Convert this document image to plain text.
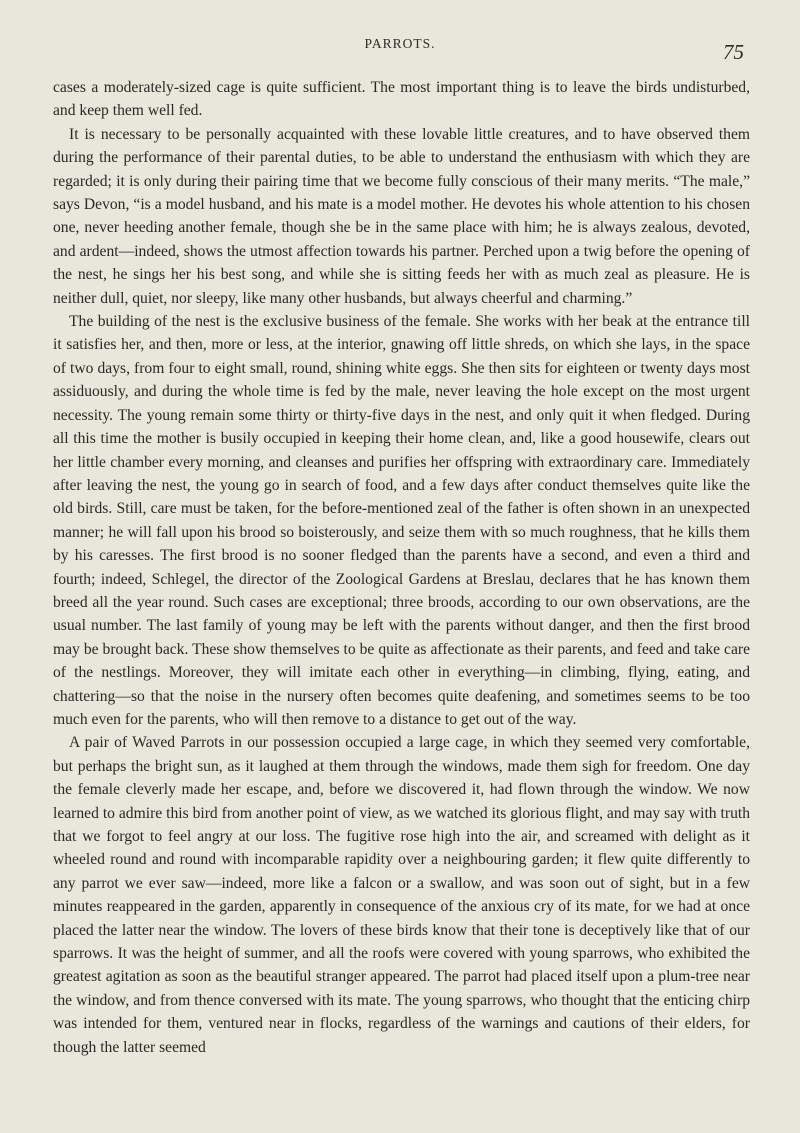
PARROTS.	75

cases a moderately-sized cage is quite sufficient. The most important thing is to leave the birds undisturbed, and keep them well fed.

It is necessary to be personally acquainted with these lovable little creatures, and to have observed them during the performance of their parental duties, to be able to understand the enthusiasm with which they are regarded; it is only during their pairing time that we become fully conscious of their many merits. “The male,” says Devon, “is a model husband, and his mate is a model mother. He devotes his whole attention to his chosen one, never heeding another female, though she be in the same place with him; he is always zealous, devoted, and ardent—indeed, shows the utmost affection towards his partner. Perched upon a twig before the opening of the nest, he sings her his best song, and while she is sitting feeds her with as much zeal as pleasure. He is neither dull, quiet, nor sleepy, like many other husbands, but always cheerful and charming.”

The building of the nest is the exclusive business of the female. She works with her beak at the entrance till it satisfies her, and then, more or less, at the interior, gnawing off little shreds, on which she lays, in the space of two days, from four to eight small, round, shining white eggs. She then sits for eighteen or twenty days most assiduously, and during the whole time is fed by the male, never leaving the hole except on the most urgent necessity. The young remain some thirty or thirty-five days in the nest, and only quit it when fledged. During all this time the mother is busily occupied in keeping their home clean, and, like a good housewife, clears out her little chamber every morning, and cleanses and purifies her offspring with extraordinary care. Immediately after leaving the nest, the young go in search of food, and a few days after conduct themselves quite like the old birds. Still, care must be taken, for the before-mentioned zeal of the father is often shown in an unexpected manner; he will fall upon his brood so boisterously, and seize them with so much roughness, that he kills them by his caresses. The first brood is no sooner fledged than the parents have a second, and even a third and fourth; indeed, Schlegel, the director of the Zoological Gardens at Breslau, declares that he has known them breed all the year round. Such cases are exceptional; three broods, according to our own observations, are the usual number. The last family of young may be left with the parents without danger, and then the first brood may be brought back. These show themselves to be quite as affectionate as their parents, and feed and take care of the nestlings. Moreover, they will imitate each other in everything—in climbing, flying, eating, and chattering—so that the noise in the nursery often becomes quite deafening, and sometimes seems to be too much even for the parents, who will then remove to a distance to get out of the way.

A pair of Waved Parrots in our possession occupied a large cage, in which they seemed very comfortable, but perhaps the bright sun, as it laughed at them through the windows, made them sigh for freedom. One day the female cleverly made her escape, and, before we discovered it, had flown through the window. We now learned to admire this bird from another point of view, as we watched its glorious flight, and may say with truth that we forgot to feel angry at our loss. The fugitive rose high into the air, and screamed with delight as it wheeled round and round with incomparable rapidity over a neighbouring garden; it flew quite differently to any parrot we ever saw—indeed, more like a falcon or a swallow, and was soon out of sight, but in a few minutes reappeared in the garden, apparently in consequence of the anxious cry of its mate, for we had at once placed the latter near the window. The lovers of these birds know that their tone is deceptively like that of our sparrows. It was the height of summer, and all the roofs were covered with young sparrows, who exhibited the greatest agitation as soon as the beautiful stranger appeared. The parrot had placed itself upon a plum-tree near the window, and from thence conversed with its mate. The young sparrows, who thought that the enticing chirp was intended for them, ventured near in flocks, regardless of the warnings and cautions of their elders, for though the latter seemed
